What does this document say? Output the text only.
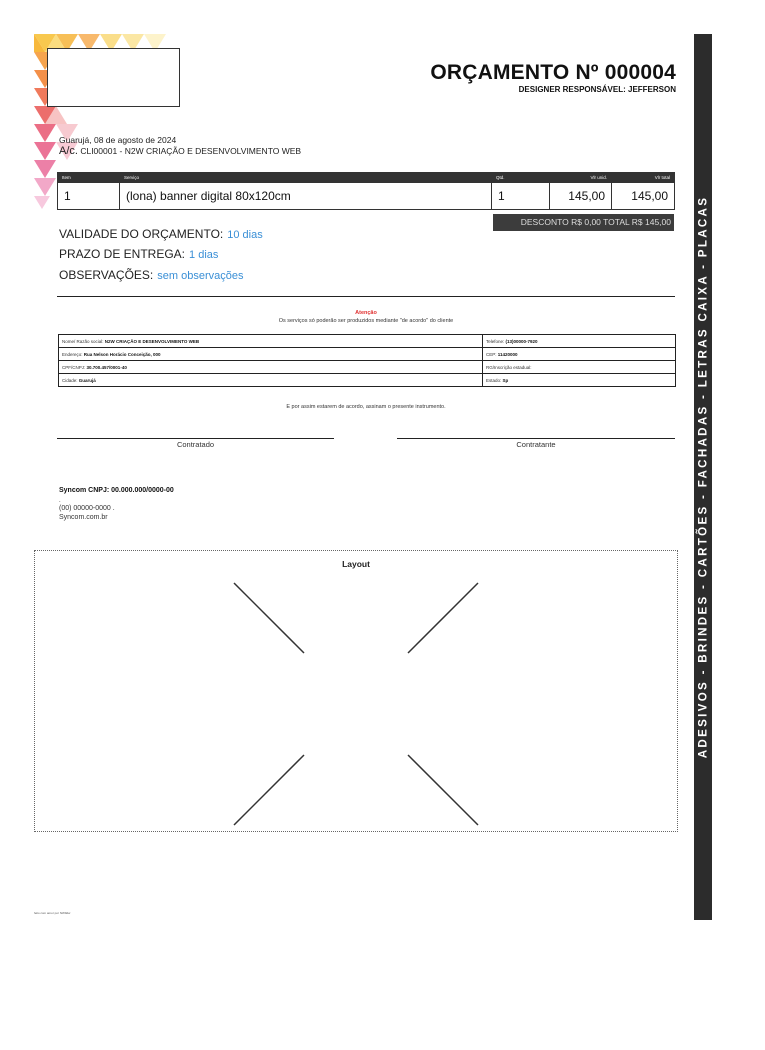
ORÇAMENTO Nº 000004
DESIGNER RESPONSÁVEL: JEFFERSON
Guarujá, 08 de agosto de 2024
A/c. CLI00001 - N2W CRIAÇÃO E DESENVOLVIMENTO WEB
Item	Serviço	Qtd.	Vlr unid.	Vlr total
1	(lona) banner digital 80x120cm	1	145,00	145,00
DESCONTO R$ 0,00 TOTAL R$ 145,00
VALIDADE DO ORÇAMENTO: 10 dias
PRAZO DE ENTREGA: 1 dias
OBSERVAÇÕES: sem observações
Atenção
Os serviços só poderão ser produzidos mediante "de acordo" do cliente
Nome/ Razão social: N2W CRIAÇÃO E DESENVOLVIMENTO WEB	Telefone: (13)00000-7920
Endereço: Rua Nelson Horácio Conceição, 000	CEP: 11420000
CPF/CNPJ: 30.700.457/0001-40	RG/Inscrição estadual:
Cidade: Guarujá	Estado: Sp
E por assim estarem de acordo, assinam o presente instrumento.
Contratado	Contratante
Syncom CNPJ: 00.000.000/0000-00
.
(00) 00000-0000 .
Syncom.com.br
Layout
feito com amor por NW9dw
ADESIVOS - BRINDES - CARTÕES - FACHADAS - LETRAS CAIXA - PLACAS
